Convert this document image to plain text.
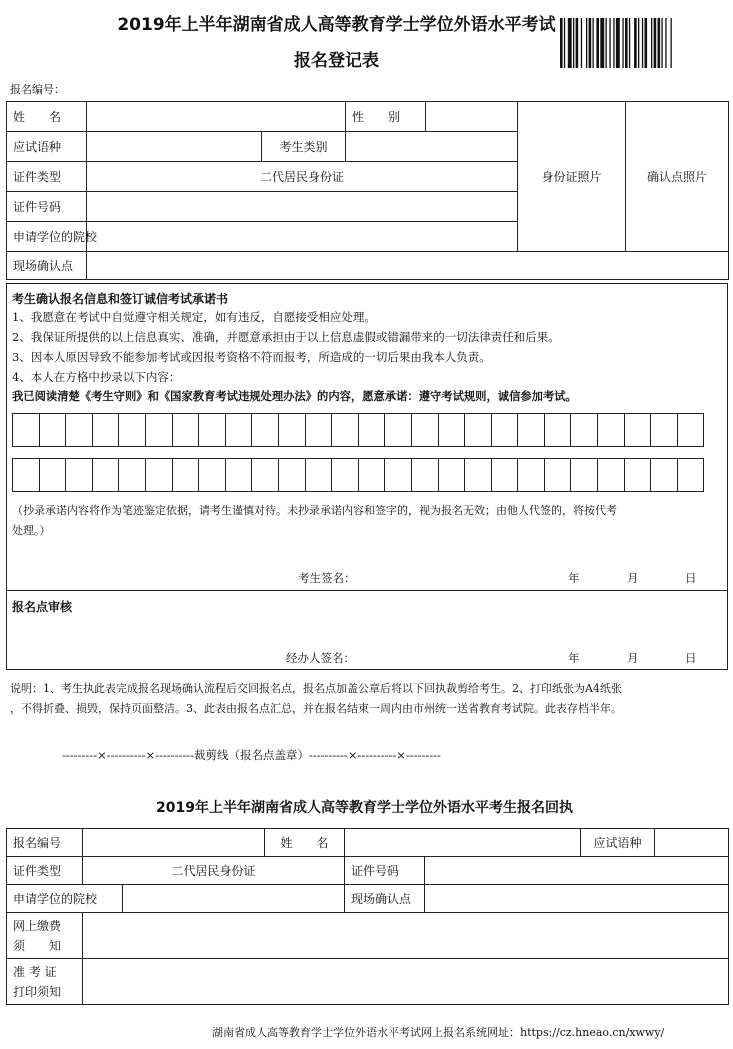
2019年上半年湖南省成人高等教育学士学位外语水平考试
报名登记表
报名编号：
姓　　名			性　　别		身份证照片	确认点照片
应试语种		考生类别				
证件类型	二代居民身份证					
证件号码						
申请学位的院校						
现场确认点						
考生确认报名信息和签订诚信考试承诺书
1、我愿意在考试中自觉遵守相关规定，如有违反，自愿接受相应处理。
2、我保证所提供的以上信息真实、准确，并愿意承担由于以上信息虚假或错漏带来的一切法律责任和后果。
3、因本人原因导致不能参加考试或因报考资格不符而报考，所造成的一切后果由我本人负责。
4、本人在方格中抄录以下内容：
我已阅读清楚《考生守则》和《国家教育考试违规处理办法》的内容，愿意承诺：遵守考试规则，诚信参加考试。
（抄录承诺内容将作为笔迹鉴定依据，请考生谨慎对待。未抄录承诺内容和签字的，视为报名无效；由他人代签的，将按代考
处理。）
考生签名：	年	月	日
报名点审核
经办人签名：	年	月	日
说明：1、考生执此表完成报名现场确认流程后交回报名点，报名点加盖公章后将以下回执裁剪给考生。2、打印纸张为A4纸张
，不得折叠、损毁，保持页面整洁。3、此表由报名点汇总，并在报名结束一周内由市州统一送省教育考试院。此表存档半年。
---------×----------×----------裁剪线（报名点盖章）----------×----------×---------
2019年上半年湖南省成人高等教育学士学位外语水平考生报名回执
报名编号			姓　　名			应试语种	
证件类型	二代居民身份证			证件号码			
申请学位的院校				现场确认点			

网上缴费
须　　知							

准 考 证
打印须知							

湖南省成人高等教育学士学位外语水平考试网上报名系统网址：https://cz.hneao.cn/xwwy/
